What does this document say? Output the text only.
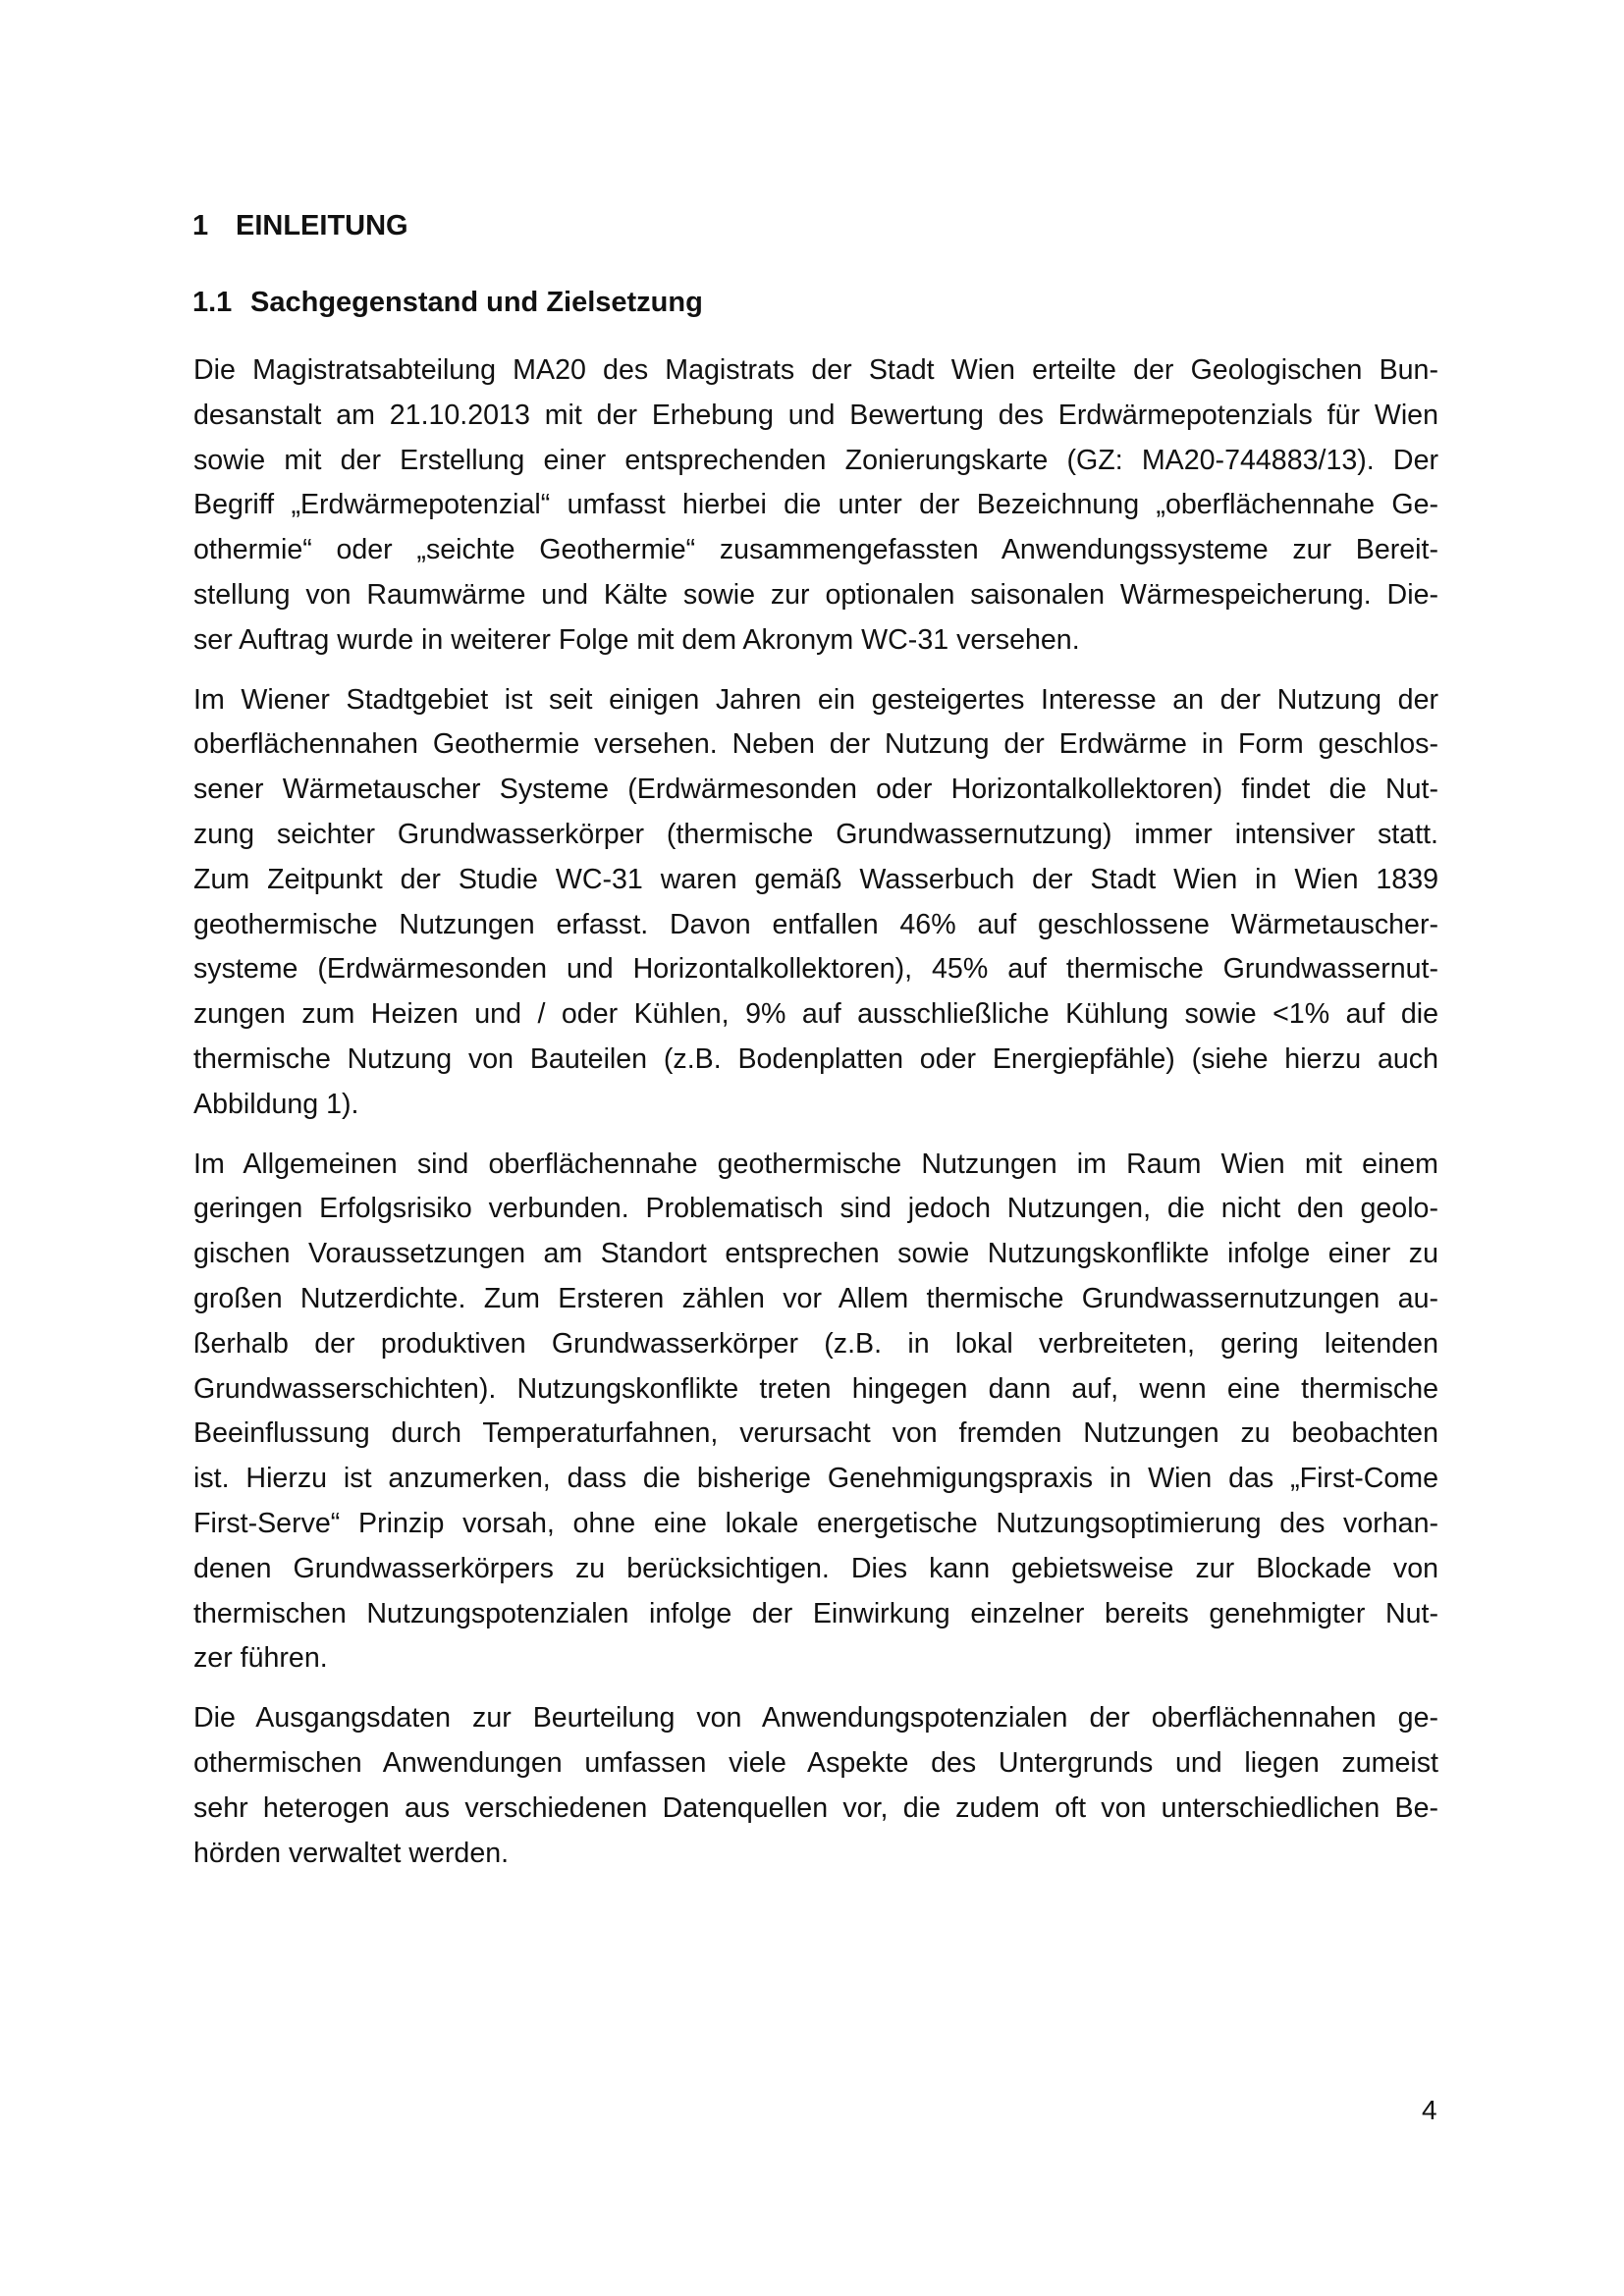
1 EINLEITUNG
1.1 Sachgegenstand und Zielsetzung
Die Magistratsabteilung MA20 des Magistrats der Stadt Wien erteilte der Geologischen Bun-
desanstalt am 21.10.2013 mit der Erhebung und Bewertung des Erdwärmepotenzials für Wien
sowie mit der Erstellung einer entsprechenden Zonierungskarte (GZ: MA20-744883/13). Der
Begriff „Erdwärmepotenzial“ umfasst hierbei die unter der Bezeichnung „oberflächennahe Ge-
othermie“ oder „seichte Geothermie“ zusammengefassten Anwendungssysteme zur Bereit-
stellung von Raumwärme und Kälte sowie zur optionalen saisonalen Wärmespeicherung. Die-
ser Auftrag wurde in weiterer Folge mit dem Akronym WC-31 versehen.
Im Wiener Stadtgebiet ist seit einigen Jahren ein gesteigertes Interesse an der Nutzung der
oberflächennahen Geothermie versehen. Neben der Nutzung der Erdwärme in Form geschlos-
sener Wärmetauscher Systeme (Erdwärmesonden oder Horizontalkollektoren) findet die Nut-
zung seichter Grundwasserkörper (thermische Grundwassernutzung) immer intensiver statt.
Zum Zeitpunkt der Studie WC-31 waren gemäß Wasserbuch der Stadt Wien in Wien 1839
geothermische Nutzungen erfasst. Davon entfallen 46% auf geschlossene Wärmetauscher-
systeme (Erdwärmesonden und Horizontalkollektoren), 45% auf thermische Grundwassernut-
zungen zum Heizen und / oder Kühlen, 9% auf ausschließliche Kühlung sowie <1% auf die
thermische Nutzung von Bauteilen (z.B. Bodenplatten oder Energiepfähle) (siehe hierzu auch
Abbildung 1).
Im Allgemeinen sind oberflächennahe geothermische Nutzungen im Raum Wien mit einem
geringen Erfolgsrisiko verbunden. Problematisch sind jedoch Nutzungen, die nicht den geolo-
gischen Voraussetzungen am Standort entsprechen sowie Nutzungskonflikte infolge einer zu
großen Nutzerdichte. Zum Ersteren zählen vor Allem thermische Grundwassernutzungen au-
ßerhalb der produktiven Grundwasserkörper (z.B. in lokal verbreiteten, gering leitenden
Grundwasserschichten). Nutzungskonflikte treten hingegen dann auf, wenn eine thermische
Beeinflussung durch Temperaturfahnen, verursacht von fremden Nutzungen zu beobachten
ist. Hierzu ist anzumerken, dass die bisherige Genehmigungspraxis in Wien das „First-Come
First-Serve“ Prinzip vorsah, ohne eine lokale energetische Nutzungsoptimierung des vorhan-
denen Grundwasserkörpers zu berücksichtigen. Dies kann gebietsweise zur Blockade von
thermischen Nutzungspotenzialen infolge der Einwirkung einzelner bereits genehmigter Nut-
zer führen.
Die Ausgangsdaten zur Beurteilung von Anwendungspotenzialen der oberflächennahen ge-
othermischen Anwendungen umfassen viele Aspekte des Untergrunds und liegen zumeist
sehr heterogen aus verschiedenen Datenquellen vor, die zudem oft von unterschiedlichen Be-
hörden verwaltet werden.
4
